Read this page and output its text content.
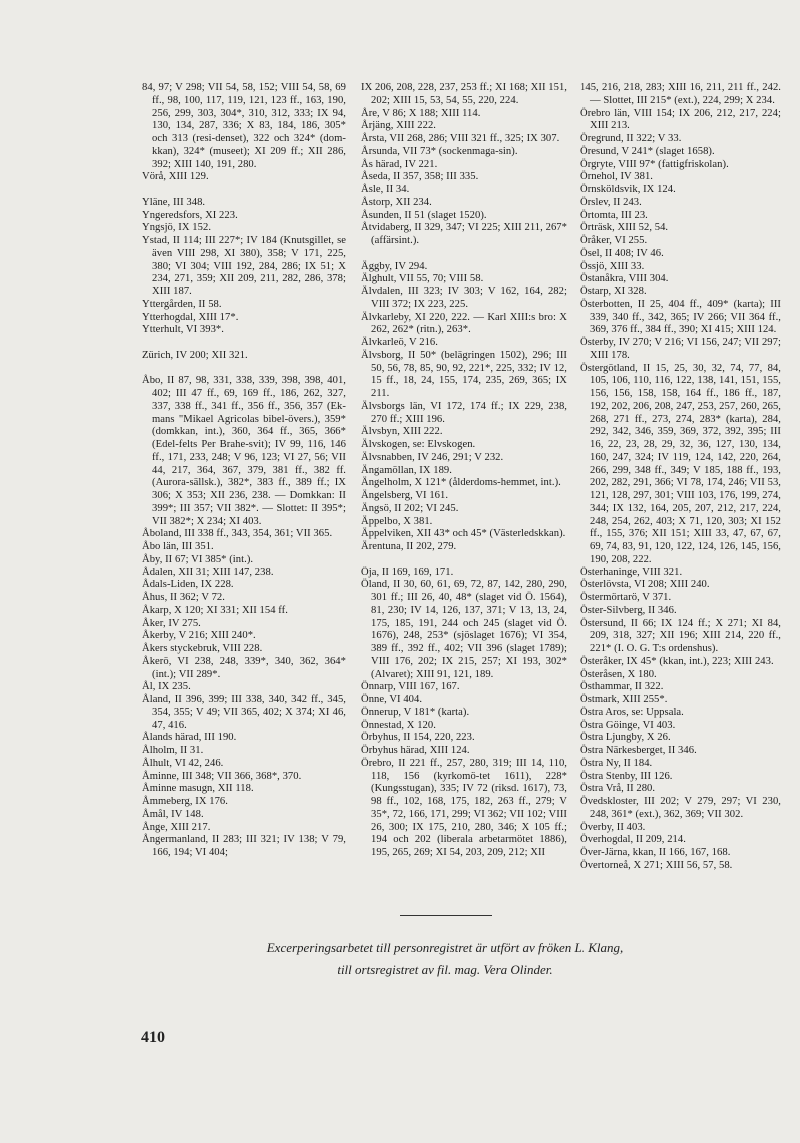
84, 97; V 298; VII 54, 58, 152; VIII 54, 58, 69 ff., 98, 100, 117, 119, 121, 123 ff., 163, 190, 256, 299, 303, 304*, 310, 312, 333; IX 94, 130, 134, 287, 336; X 83, 184, 186, 305* och 313 (resi-denset), 322 och 324* (dom-kkan), 324* (museet); XI 209 ff.; XII 286, 392; XIII 140, 191, 280.

Vörå, XIII 129.

Yläne, III 348.

Yngeredsfors, XI 223.

Yngsjö, IX 152.

Ystad, II 114; III 227*; IV 184 (Knutsgillet, se även VIII 298, XI 380), 358; V 171, 225, 380; VI 304; VIII 192, 284, 286; IX 51; X 234, 271, 359; XII 209, 211, 282, 286, 378; XIII 187.

Yttergården, II 58.

Ytterhogdal, XIII 17*.

Ytterhult, VI 393*.

Zürich, IV 200; XII 321.

Åbo, II 87, 98, 331, 338, 339, 398, 398, 401, 402; III 47 ff., 69, 169 ff., 186, 262, 327, 337, 338 ff., 341 ff., 356 ff., 356, 357 (Ek-mans "Mikael Agricolas bibel-övers.), 359* (domkkan, int.), 360, 364 ff., 365, 366* (Edel-felts Per Brahe-svit); IV 99, 116, 146 ff., 171, 233, 248; V 96, 123; VI 27, 56; VII 44, 217, 364, 367, 379, 381 ff., 382 ff. (Aurora-sällsk.), 382*, 383 ff., 389 ff.; IX 306; X 353; XII 236, 238. — Domkkan: II 399*; III 357; VII 382*. — Slottet: II 395*; VII 382*; X 234; XI 403.

Åboland, III 338 ff., 343, 354, 361; VII 365.

Åbo län, III 351.

Åby, II 67; VI 385* (int.).

Ådalen, XII 31; XIII 147, 238.

Ådals-Liden, IX 228.

Åhus, II 362; V 72.

Åkarp, X 120; XI 331; XII 154 ff.

Åker, IV 275.

Åkerby, V 216; XIII 240*.

Åkers styckebruk, VIII 228.

Åkerö, VI 238, 248, 339*, 340, 362, 364* (int.); VII 289*.

Ål, IX 235.

Åland, II 396, 399; III 338, 340, 342 ff., 345, 354, 355; V 49; VII 365, 402; X 374; XI 46, 47, 416.

Ålands härad, III 190.

Ålholm, II 31.

Ålhult, VI 42, 246.

Åminne, III 348; VII 366, 368*, 370.

Åminne masugn, XII 118.

Åmmeberg, IX 176.

Åmål, IV 148.

Ånge, XIII 217.

Ångermanland, II 283; III 321; IV 138; V 79, 166, 194; VI 404;

IX 206, 208, 228, 237, 253 ff.; XI 168; XII 151, 202; XIII 15, 53, 54, 55, 220, 224.

Åre, V 86; X 188; XIII 114.

Årjäng, XIII 222.

Årsta, VII 268, 286; VIII 321 ff., 325; IX 307.

Årsunda, VII 73* (sockenmaga-sin).

Ås härad, IV 221.

Åseda, II 357, 358; III 335.

Åsle, II 34.

Åstorp, XII 234.

Åsunden, II 51 (slaget 1520).

Åtvidaberg, II 329, 347; VI 225; XIII 211, 267* (affärsint.).

Äggby, IV 294.

Älghult, VII 55, 70; VIII 58.

Älvdalen, III 323; IV 303; V 162, 164, 282; VIII 372; IX 223, 225.

Älvkarleby, XI 220, 222. — Karl XIII:s bro: X 262, 262* (ritn.), 263*.

Älvkarleö, V 216.

Älvsborg, II 50* (belägringen 1502), 296; III 50, 56, 78, 85, 90, 92, 221*, 225, 332; IV 12, 15 ff., 18, 24, 155, 174, 235, 269, 365; IX 211.

Älvsborgs län, VI 172, 174 ff.; IX 229, 238, 270 ff.; XIII 196.

Älvsbyn, XIII 222.

Älvskogen, se: Elvskogen.

Älvsnabben, IV 246, 291; V 232.

Ängamöllan, IX 189.

Ängelholm, X 121* (ålderdoms-hemmet, int.).

Ängelsberg, VI 161.

Ängsö, II 202; VI 245.

Äppelbo, X 381.

Äppelviken, XII 43* och 45* (Västerledskkan).

Ärentuna, II 202, 279.

Öja, II 169, 169, 171.

Öland, II 30, 60, 61, 69, 72, 87, 142, 280, 290, 301 ff.; III 26, 40, 48* (slaget vid Ö. 1564), 81, 230; IV 14, 126, 137, 371; V 13, 13, 24, 175, 185, 191, 244 och 245 (slaget vid Ö. 1676), 248, 253* (sjöslaget 1676); VI 354, 389 ff., 392 ff., 402; VII 396 (slaget 1789); VIII 176, 202; IX 215, 257; XI 193, 302* (Alvaret); XIII 91, 121, 189.

Önnarp, VIII 167, 167.

Önne, VI 404.

Önnerup, V 181* (karta).

Önnestad, X 120.

Örbyhus, II 154, 220, 223.

Örbyhus härad, XIII 124.

Örebro, II 221 ff., 257, 280, 319; III 14, 110, 118, 156 (kyrkomö-tet 1611), 228* (Kungsstugan), 335; IV 72 (riksd. 1617), 73, 98 ff., 102, 168, 175, 182, 263 ff., 279; V 35*, 72, 166, 171, 299; VI 362; VII 102; VIII 26, 300; IX 175, 210, 280, 346; X 105 ff.; 194 och 202 (liberala arbetarmötet 1886), 195, 265, 269; XI 54, 203, 209, 212; XII

145, 216, 218, 283; XIII 16, 211, 211 ff., 242. — Slottet, III 215* (ext.), 224, 299; X 234.

Örebro län, VIII 154; IX 206, 212, 217, 224; XIII 213.

Öregrund, II 322; V 33.

Öresund, V 241* (slaget 1658).

Örgryte, VIII 97* (fattigfriskolan).

Örnehol, IV 381.

Örnsköldsvik, IX 124.

Örslev, II 243.

Örtomta, III 23.

Örträsk, XIII 52, 54.

Öråker, VI 255.

Ösel, II 408; IV 46.

Össjö, XIII 33.

Östanåkra, VIII 304.

Östarp, XI 328.

Österbotten, II 25, 404 ff., 409* (karta); III 339, 340 ff., 342, 365; IV 266; VII 364 ff., 369, 376 ff., 384 ff., 390; XI 415; XIII 124.

Österby, IV 270; V 216; VI 156, 247; VII 297; XIII 178.

Östergötland, II 15, 25, 30, 32, 74, 77, 84, 105, 106, 110, 116, 122, 138, 141, 151, 155, 156, 156, 158, 158, 164 ff., 186 ff., 187, 192, 202, 206, 208, 247, 253, 257, 260, 265, 268, 271 ff., 273, 274, 283* (karta), 284, 292, 342, 346, 359, 369, 372, 392, 395; III 16, 22, 23, 28, 29, 32, 36, 127, 130, 134, 160, 247, 324; IV 119, 124, 142, 220, 264, 266, 299, 348 ff., 349; V 185, 188 ff., 193, 202, 282, 291, 366; VI 78, 174, 246; VII 53, 121, 128, 297, 301; VIII 103, 176, 199, 274, 344; IX 132, 164, 205, 207, 212, 217, 224, 248, 254, 262, 403; X 71, 120, 303; XI 152 ff., 155, 376; XII 151; XIII 33, 47, 67, 67, 69, 74, 83, 91, 120, 122, 124, 126, 145, 156, 190, 208, 222.

Österhaninge, VIII 321.

Österlövsta, VI 208; XIII 240.

Östermörtarö, V 371.

Öster-Silvberg, II 346.

Östersund, II 66; IX 124 ff.; X 271; XI 84, 209, 318, 327; XII 196; XIII 214, 220 ff., 221* (I. O. G. T:s ordenshus).

Österåker, IX 45* (kkan, int.), 223; XIII 243.

Österåsen, X 180.

Östhammar, II 322.

Östmark, XIII 255*.

Östra Aros, se: Uppsala.

Östra Göinge, VI 403.

Östra Ljungby, X 26.

Östra Närkesberget, II 346.

Östra Ny, II 184.

Östra Stenby, III 126.

Östra Vrå, II 280.

Övedskloster, III 202; V 279, 297; VI 230, 248, 361* (ext.), 362, 369; VII 302.

Överby, II 403.

Överhogdal, II 209, 214.

Över-Järna, kkan, II 166, 167, 168.

Övertorneå, X 271; XIII 56, 57, 58.

Excerperingsarbetet till personregistret är utfört av fröken L. Klang,
till ortsregistret av fil. mag. Vera Olinder.
410
